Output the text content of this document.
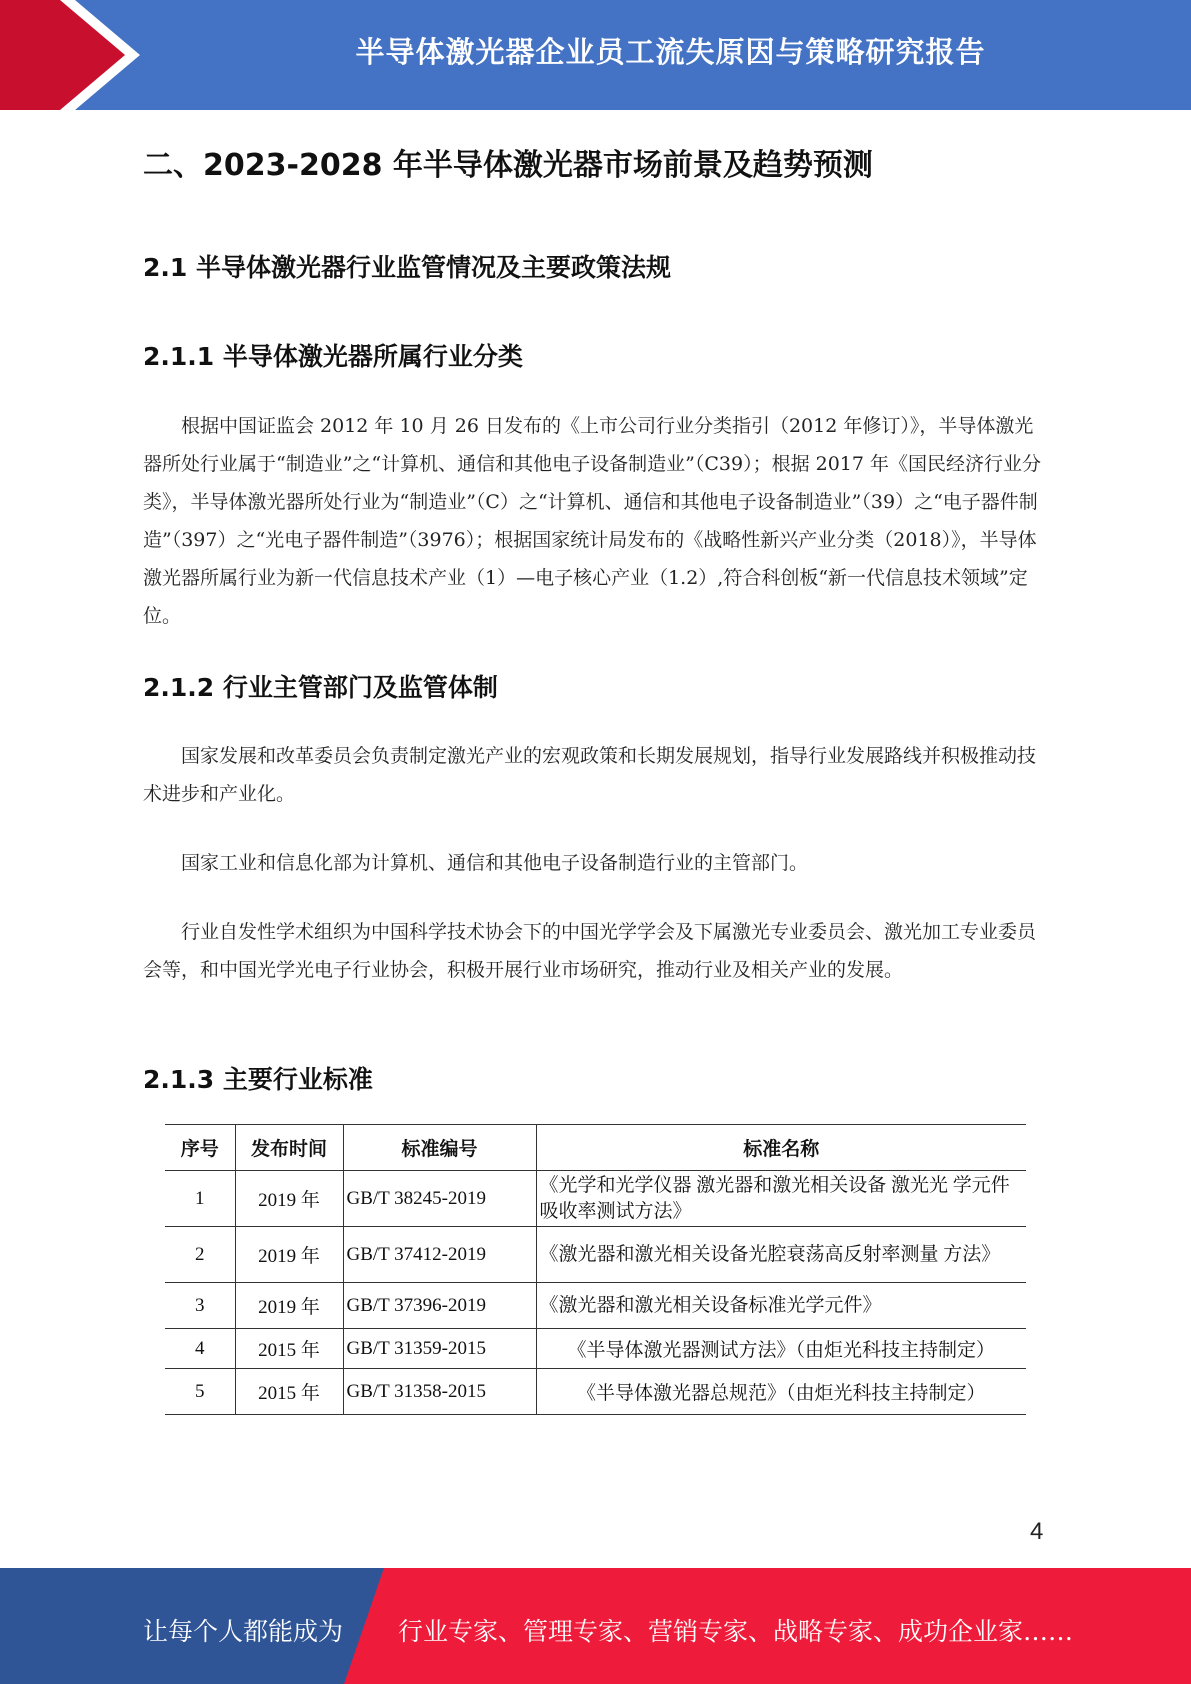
半导体激光器企业员工流失原因与策略研究报告
二、2023-2028 年半导体激光器市场前景及趋势预测
2.1 半导体激光器行业监管情况及主要政策法规
2.1.1 半导体激光器所属行业分类

根据中国证监会 2012 年 10 月 26 日发布的《上市公司行业分类指引（2012 年修订）》，半导体激光器所处行业属于“制造业”之“计算机、通信和其他电子设备制造业”（C39）；根据 2017 年《国民经济行业分类》，半导体激光器所处行业为“制造业”（C）之“计算机、通信和其他电子设备制造业”（39）之“电子器件制造”（397）之“光电子器件制造”（3976）；根据国家统计局发布的《战略性新兴产业分类（2018）》，半导体激光器所属行业为新一代信息技术产业（1）—电子核心产业（1.2）,符合科创板“新一代信息技术领域”定位。

2.1.2 行业主管部门及监管体制

国家发展和改革委员会负责制定激光产业的宏观政策和长期发展规划，指导行业发展路线并积极推动技术进步和产业化。

国家工业和信息化部为计算机、通信和其他电子设备制造行业的主管部门。

行业自发性学术组织为中国科学技术协会下的中国光学学会及下属激光专业委员会、激光加工专业委员会等，和中国光学光电子行业协会，积极开展行业市场研究，推动行业及相关产业的发展。

2.1.3 主要行业标准
序号	发布时间	标准编号	标准名称
1	2019 年	GB/T 38245-2019	《光学和光学仪器 激光器和激光相关设备 激光光 学元件吸收率测试方法》
2	2019 年	GB/T 37412-2019	《激光器和激光相关设备光腔衰荡高反射率测量 方法》
3	2019 年	GB/T 37396-2019	《激光器和激光相关设备标准光学元件》
4	2015 年	GB/T 31359-2015	《半导体激光器测试方法》（由炬光科技主持制定）
5	2015 年	GB/T 31358-2015	《半导体激光器总规范》（由炬光科技主持制定）
4
让每个人都能成为 行业专家、管理专家、营销专家、战略专家、成功企业家……
